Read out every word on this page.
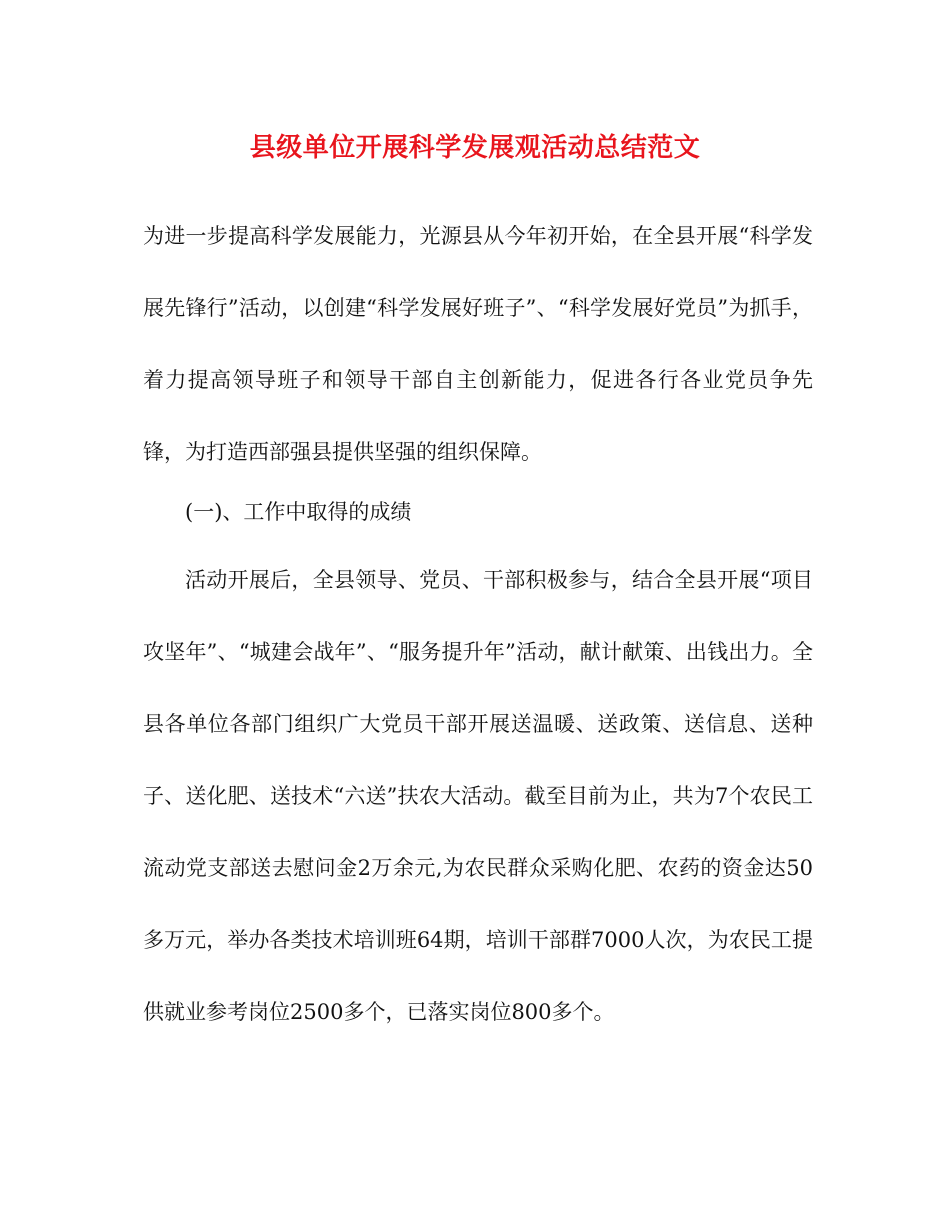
县级单位开展科学发展观活动总结范文
为进一步提高科学发展能力，光源县从今年初开始，在全县开展“科学发展先锋行”活动，以创建“科学发展好班子”、“科学发展好党员”为抓手，着力提高领导班子和领导干部自主创新能力，促进各行各业党员争先锋，为打造西部强县提供坚强的组织保障。
(一)、工作中取得的成绩
活动开展后，全县领导、党员、干部积极参与，结合全县开展“项目攻坚年”、“城建会战年”、“服务提升年”活动，献计献策、出钱出力。全县各单位各部门组织广大党员干部开展送温暖、送政策、送信息、送种子、送化肥、送技术“六送”扶农大活动。截至目前为止，共为7个农民工流动党支部送去慰问金2万余元,为农民群众采购化肥、农药的资金达50多万元，举办各类技术培训班64期，培训干部群7000人次，为农民工提供就业参考岗位2500多个，已落实岗位800多个。
